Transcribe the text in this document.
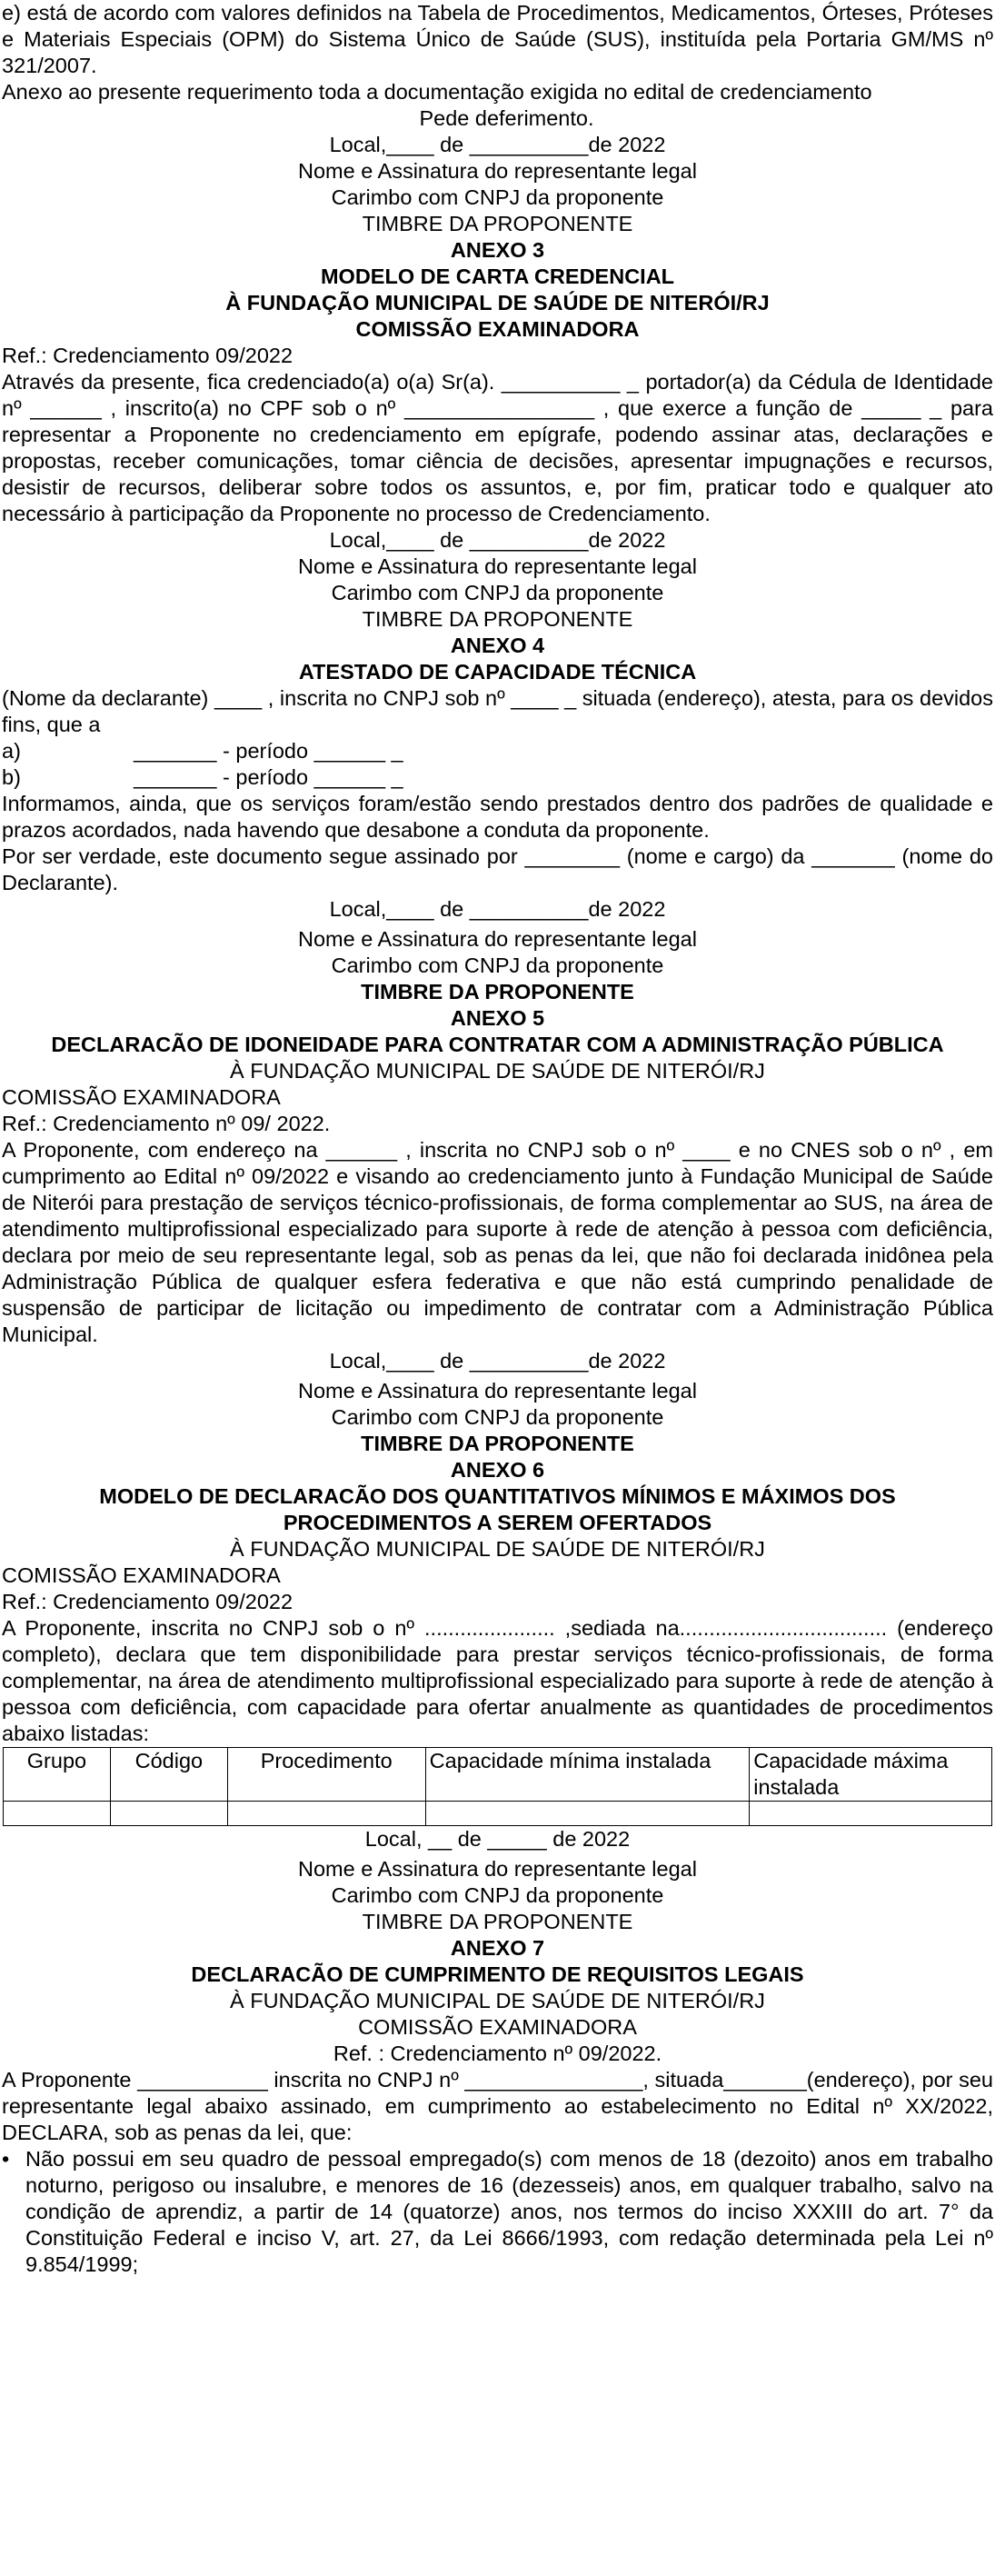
e) está de acordo com valores definidos na Tabela de Procedimentos, Medicamentos, Órteses, Próteses e Materiais Especiais (OPM) do Sistema Único de Saúde (SUS), instituída pela Portaria GM/MS nº 321/2007.

Anexo ao presente requerimento toda a documentação exigida no edital de credenciamento

Pede deferimento.

Local,____ de __________de 2022

Nome e Assinatura do representante legal

Carimbo com CNPJ da proponente

TIMBRE DA PROPONENTE

ANEXO 3

MODELO DE CARTA CREDENCIAL

À FUNDAÇÃO MUNICIPAL DE SAÚDE DE NITERÓI/RJ

COMISSÃO EXAMINADORA

Ref.: Credenciamento 09/2022

Através da presente, fica credenciado(a) o(a) Sr(a). __________ _ portador(a) da Cédula de Identidade nº ______ , inscrito(a) no CPF sob o nº ________________ , que exerce a função de _____ _ para representar a Proponente no credenciamento em epígrafe, podendo assinar atas, declarações e propostas, receber comunicações, tomar ciência de decisões, apresentar impugnações e recursos, desistir de recursos, deliberar sobre todos os assuntos, e, por fim, praticar todo e qualquer ato necessário à participação da Proponente no processo de Credenciamento.

Local,____ de __________de 2022

Nome e Assinatura do representante legal

Carimbo com CNPJ da proponente

TIMBRE DA PROPONENTE

ANEXO 4

ATESTADO DE CAPACIDADE TÉCNICA

(Nome da declarante) ____ , inscrita no CNPJ sob nº ____ _ situada (endereço), atesta, para os devidos fins, que a

a)	_______ - período ______ _

b)	_______ - período ______ _

Informamos, ainda, que os serviços foram/estão sendo prestados dentro dos padrões de qualidade e prazos acordados, nada havendo que desabone a conduta da proponente.

Por ser verdade, este documento segue assinado por ________ (nome e cargo) da _______ (nome do Declarante).

Local,____ de __________de 2022

Nome e Assinatura do representante legal

Carimbo com CNPJ da proponente

TIMBRE DA PROPONENTE

ANEXO 5

DECLARACÃO DE IDONEIDADE PARA CONTRATAR COM A ADMINISTRAÇÃO PÚBLICA

À FUNDAÇÃO MUNICIPAL DE SAÚDE DE NITERÓI/RJ

COMISSÃO EXAMINADORA

Ref.: Credenciamento nº 09/ 2022.

A Proponente, com endereço na ______ , inscrita no CNPJ sob o nº ____ e no CNES sob o nº , em cumprimento ao Edital nº 09/2022 e visando ao credenciamento junto à Fundação Municipal de Saúde de Niterói para prestação de serviços técnico-profissionais, de forma complementar ao SUS, na área de atendimento multiprofissional especializado para suporte à rede de atenção à pessoa com deficiência, declara por meio de seu representante legal, sob as penas da lei, que não foi declarada inidônea pela Administração Pública de qualquer esfera federativa e que não está cumprindo penalidade de suspensão de participar de licitação ou impedimento de contratar com a Administração Pública Municipal.

Local,____ de __________de 2022

Nome e Assinatura do representante legal

Carimbo com CNPJ da proponente

TIMBRE DA PROPONENTE

ANEXO 6

MODELO DE DECLARACÃO DOS QUANTITATIVOS MÍNIMOS E MÁXIMOS DOS PROCEDIMENTOS A SEREM OFERTADOS

À FUNDAÇÃO MUNICIPAL DE SAÚDE DE NITERÓI/RJ

COMISSÃO EXAMINADORA

Ref.: Credenciamento 09/2022

A Proponente, inscrita no CNPJ sob o nº ...................... ,sediada na................................... (endereço completo), declara que tem disponibilidade para prestar serviços técnico-profissionais, de forma complementar, na área de atendimento multiprofissional especializado para suporte à rede de atenção à pessoa com deficiência, com capacidade para ofertar anualmente as quantidades de procedimentos abaixo listadas:

Grupo	Código	Procedimento	Capacidade mínima instalada	Capacidade máxima instalada

Local, __ de _____ de 2022

Nome e Assinatura do representante legal

Carimbo com CNPJ da proponente

TIMBRE DA PROPONENTE

ANEXO 7

DECLARACÃO DE CUMPRIMENTO DE REQUISITOS LEGAIS

À FUNDAÇÃO MUNICIPAL DE SAÚDE DE NITERÓI/RJ

COMISSÃO EXAMINADORA

Ref. : Credenciamento nº 09/2022.

A Proponente ___________ inscrita no CNPJ nº _______________, situada_______(endereço), por seu representante legal abaixo assinado, em cumprimento ao estabelecimento no Edital nº XX/2022, DECLARA, sob as penas da lei, que:

• Não possui em seu quadro de pessoal empregado(s) com menos de 18 (dezoito) anos em trabalho noturno, perigoso ou insalubre, e menores de 16 (dezesseis) anos, em qualquer trabalho, salvo na condição de aprendiz, a partir de 14 (quatorze) anos, nos termos do inciso XXXIII do art. 7° da Constituição Federal e inciso V, art. 27, da Lei 8666/1993, com redação determinada pela Lei nº 9.854/1999;
